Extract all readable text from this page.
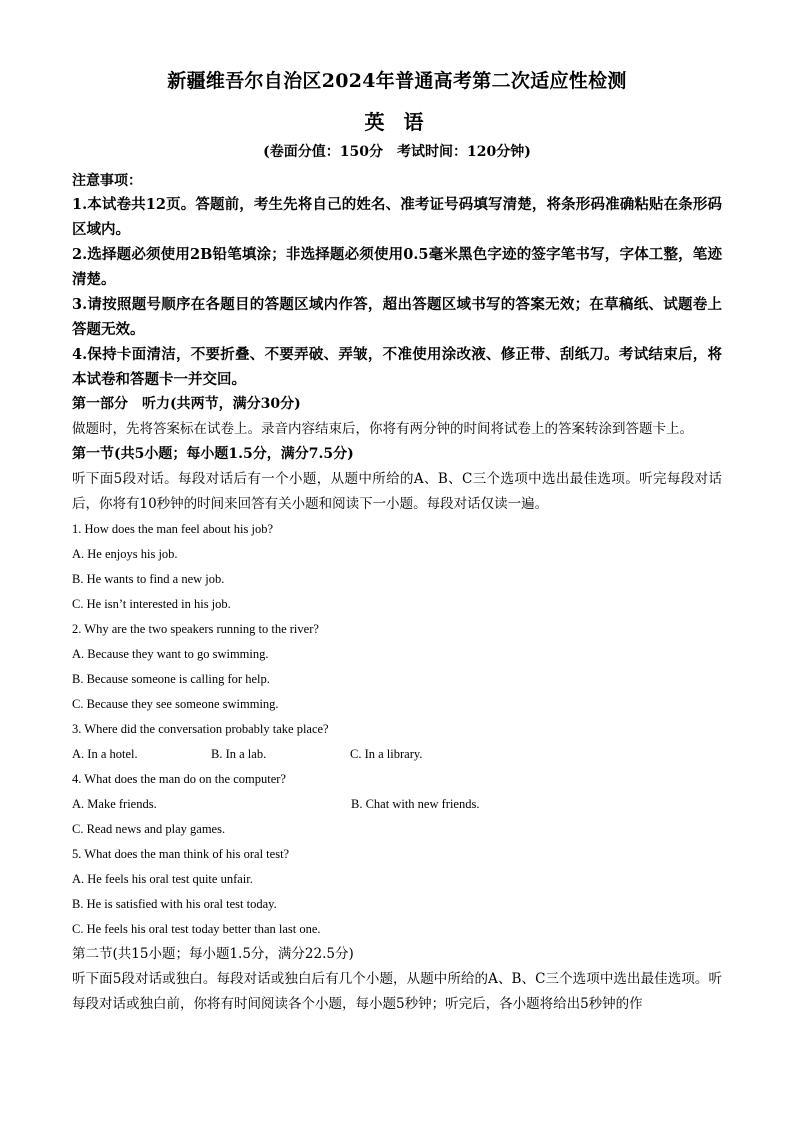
新疆维吾尔自治区2024年普通高考第二次适应性检测
英 语
(卷面分值：150分　考试时间：120分钟)
注意事项：
1.本试卷共12页。答题前，考生先将自己的姓名、准考证号码填写清楚，将条形码准确粘贴在条形码区域内。
2.选择题必须使用2B铅笔填涂；非选择题必须使用0.5毫米黑色字迹的签字笔书写，字体工整，笔迹清楚。
3.请按照题号顺序在各题目的答题区域内作答，超出答题区域书写的答案无效；在草稿纸、试题卷上答题无效。
4.保持卡面清洁，不要折叠、不要弄破、弄皱，不准使用涂改液、修正带、刮纸刀。考试结束后，将本试卷和答题卡一并交回。
第一部分　听力(共两节，满分30分)
做题时，先将答案标在试卷上。录音内容结束后，你将有两分钟的时间将试卷上的答案转涂到答题卡上。
第一节(共5小题；每小题1.5分，满分7.5分)
听下面5段对话。每段对话后有一个小题，从题中所给的A、B、C三个选项中选出最佳选项。听完每段对话后，你将有10秒钟的时间来回答有关小题和阅读下一小题。每段对话仅读一遍。
1. How does the man feel about his job?
A. He enjoys his job.
B. He wants to find a new job.
C. He isn’t interested in his job.
2. Why are the two speakers running to the river?
A. Because they want to go swimming.
B. Because someone is calling for help.
C. Because they see someone swimming.
3. Where did the conversation probably take place?
A. In a hotel.	B. In a lab.	C. In a library.
4. What does the man do on the computer?
A. Make friends.	B. Chat with new friends.
C. Read news and play games.
5. What does the man think of his oral test?
A. He feels his oral test quite unfair.
B. He is satisfied with his oral test today.
C. He feels his oral test today better than last one.
第二节(共15小题；每小题1.5分，满分22.5分)
听下面5段对话或独白。每段对话或独白后有几个小题，从题中所给的A、B、C三个选项中选出最佳选项。听每段对话或独白前，你将有时间阅读各个小题，每小题5秒钟；听完后，各小题将给出5秒钟的作
